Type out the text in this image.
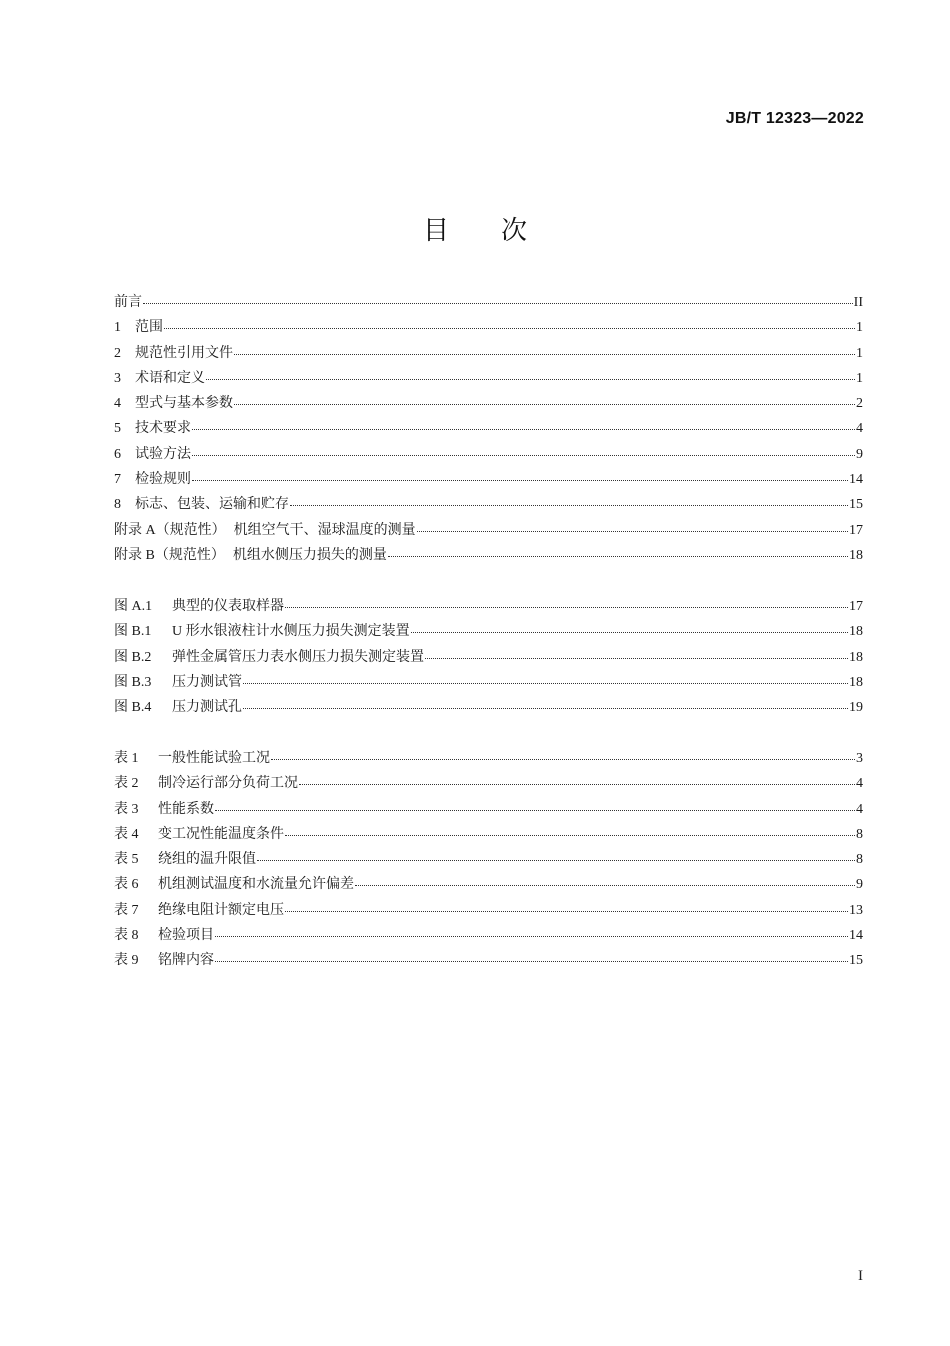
JB/T 12323—2022
目 次
前言	II
1	范围	1
2	规范性引用文件	1
3	术语和定义	1
4	型式与基本参数	2
5	技术要求	4
6	试验方法	9
7	检验规则	14
8	标志、包装、运输和贮存	15
附录 A（规范性） 机组空气干、湿球温度的测量	17
附录 B（规范性） 机组水侧压力损失的测量	18
图 A.1	典型的仪表取样器	17
图 B.1	U 形水银液柱计水侧压力损失测定装置	18
图 B.2	弹性金属管压力表水侧压力损失测定装置	18
图 B.3	压力测试管	18
图 B.4	压力测试孔	19
表 1	一般性能试验工况	3
表 2	制冷运行部分负荷工况	4
表 3	性能系数	4
表 4	变工况性能温度条件	8
表 5	绕组的温升限值	8
表 6	机组测试温度和水流量允许偏差	9
表 7	绝缘电阻计额定电压	13
表 8	检验项目	14
表 9	铭牌内容	15
I
